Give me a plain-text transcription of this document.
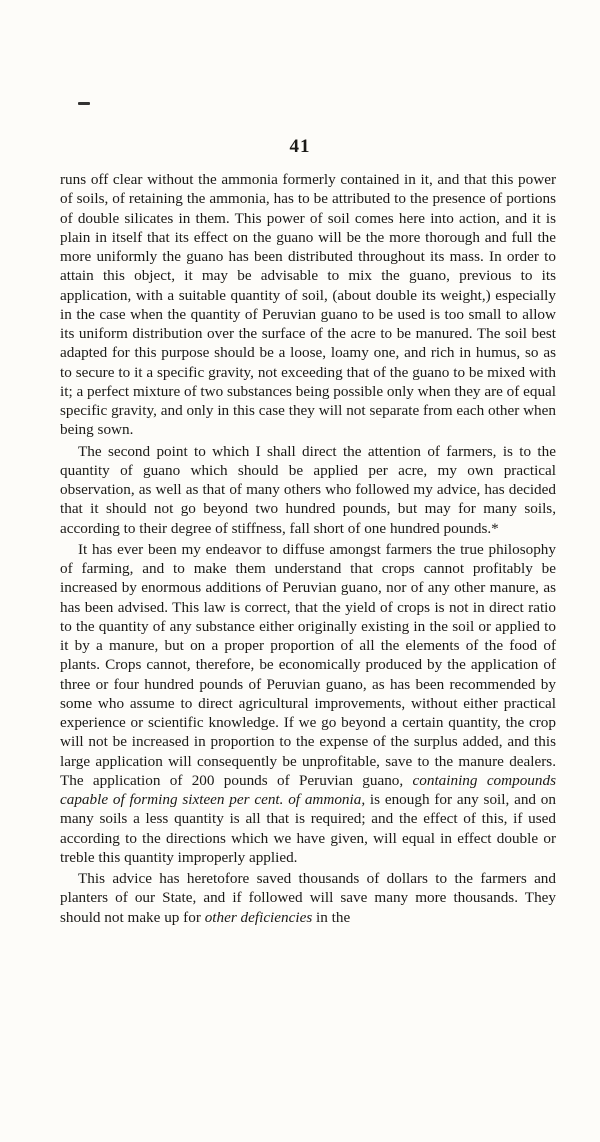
41

runs off clear without the ammonia formerly contained in it, and that this power of soils, of retaining the ammonia, has to be attributed to the presence of portions of double silicates in them. This power of soil comes here into action, and it is plain in itself that its effect on the guano will be the more thorough and full the more uniformly the guano has been distributed throughout its mass. In order to attain this object, it may be advisable to mix the guano, previous to its application, with a suitable quantity of soil, (about double its weight,) especially in the case when the quantity of Peruvian guano to be used is too small to allow its uniform distribution over the surface of the acre to be manured. The soil best adapted for this purpose should be a loose, loamy one, and rich in humus, so as to secure to it a specific gravity, not exceeding that of the guano to be mixed with it; a perfect mixture of two substances being possible only when they are of equal specific gravity, and only in this case they will not separate from each other when being sown.

The second point to which I shall direct the attention of farmers, is to the quantity of guano which should be applied per acre, my own practical observation, as well as that of many others who followed my advice, has decided that it should not go beyond two hundred pounds, but may for many soils, according to their degree of stiffness, fall short of one hundred pounds.*

It has ever been my endeavor to diffuse amongst farmers the true philosophy of farming, and to make them understand that crops cannot profitably be increased by enormous additions of Peruvian guano, nor of any other manure, as has been advised. This law is correct, that the yield of crops is not in direct ratio to the quantity of any substance either originally existing in the soil or applied to it by a manure, but on a proper proportion of all the elements of the food of plants. Crops cannot, therefore, be economically produced by the application of three or four hundred pounds of Peruvian guano, as has been recommended by some who assume to direct agricultural improvements, without either practical experience or scientific knowledge. If we go beyond a certain quantity, the crop will not be increased in proportion to the expense of the surplus added, and this large application will consequently be unprofitable, save to the manure dealers. The application of 200 pounds of Peruvian guano, containing compounds capable of forming sixteen per cent. of ammonia, is enough for any soil, and on many soils a less quantity is all that is required; and the effect of this, if used according to the directions which we have given, will equal in effect double or treble this quantity improperly applied.

This advice has heretofore saved thousands of dollars to the farmers and planters of our State, and if followed will save many more thousands. They should not make up for other deficiencies in the
